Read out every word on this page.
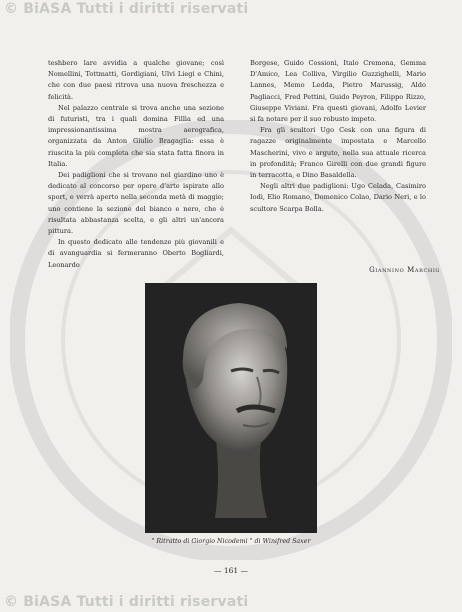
© BiASA Tutti i diritti riservati

teshbero lare avvidia a qualche giovane; così Nomellini, Tottmatti, Gordigiani, Ulvi Liegi e Chini, che con due paesi ritrova una nuova freschezza e felicità.

Nel palazzo centrale si trova anche una sezione di futuristi, tra i quali domina Fillìa ed una impressionantissima mostra aerografica, organizzata da Anton Giulio Bragaglia: essa è riuscita la più completa che sia stata fatta finora in Italia.

Dei padiglioni che si trovano nel giardino uno è dedicato al concorso per opere d'arte ispirate allo sport, e verrà aperto nella seconda metà di maggio; uno contiene la sezione del bianco e nero, che è risultata abbastanza scelta, e gli altri un'ancora pittura.

In questo dedicato alle tendenze più giovanili e di avanguardia si fermeranno Oberto Bogliardi, Leonardo

Borgese, Guido Cossioni, Italo Cremona, Gemma D'Amico, Lea Colliva, Virgilio Guzzighelli, Mario Lannes, Memo Ledda, Pietro Marussig, Aldo Pagliacci, Fred Pettini, Guido Peyron, Filippo Rizzo, Giuseppe Viviani. Fra questi giovani, Adolfo Levier si fa notare per il suo robusto impeto.

Fra gli scultori Ugo Cesk con una figura di ragazze originalmente impostata e Marcello Mascherini, vivo e arguto, nella sua attuale ricerca in profondità; Franco Girelli con due grandi figure in terracotta, e Dino Basaldella.

Negli altri due padiglioni: Ugo Celada, Casimiro Iodi, Elio Romano, Domenico Colao, Dario Neri, e lo scultore Scarpa Bolla.

Giannino Marchig
" Ritratto di Giorgio Nicodemi " di Winifred Saxer
— 161 —
© BiASA Tutti i diritti riservati
